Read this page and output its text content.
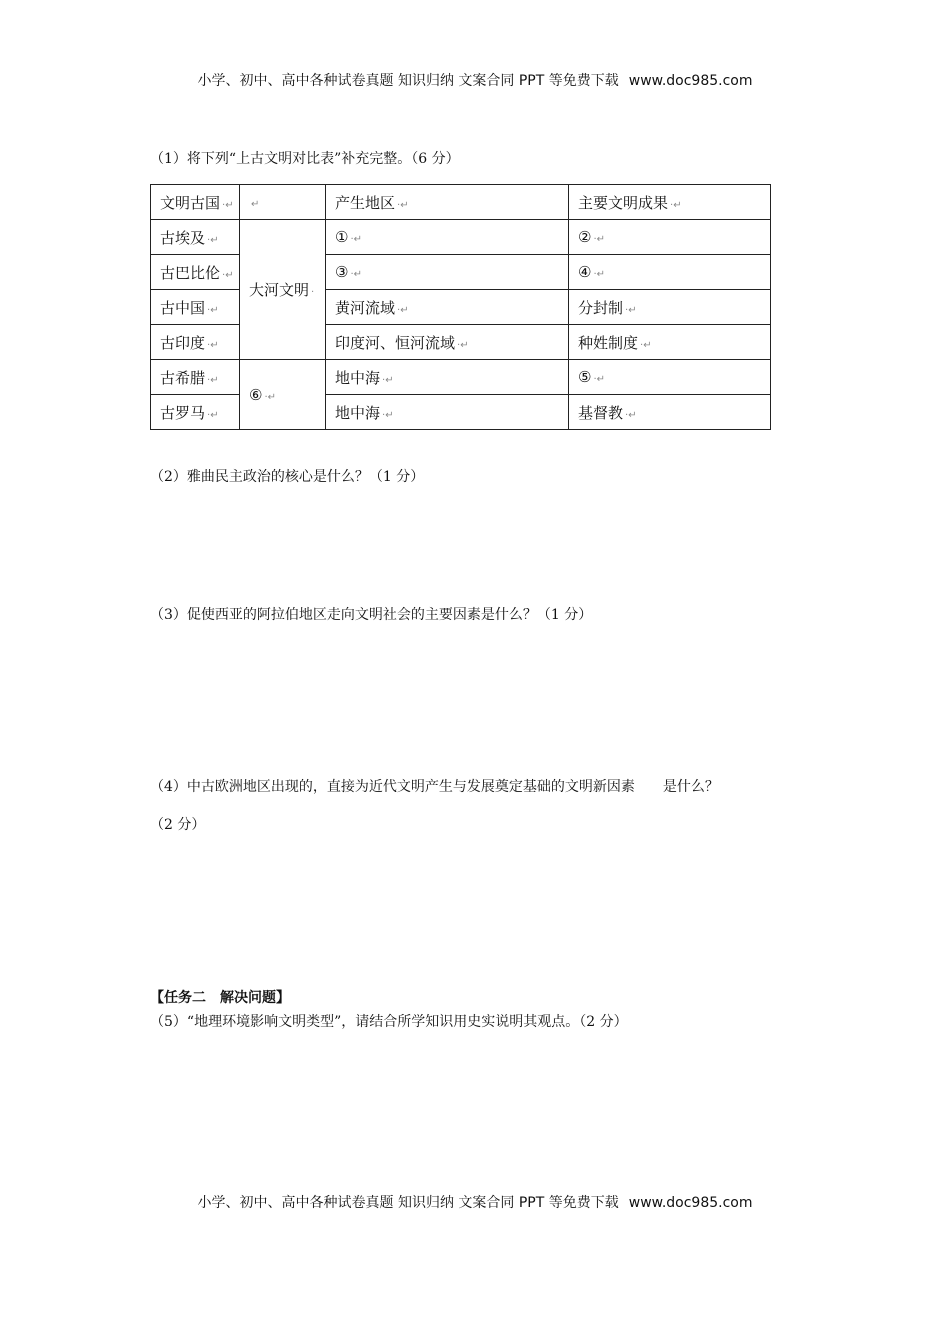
小学、初中、高中各种试卷真题 知识归纳 文案合同 PPT 等免费下载 www.doc985.com
（1）将下列“上古文明对比表”补充完整。（6 分）
文明古国 ·↵	↵	产生地区 ·↵	主要文明成果 ·↵
古埃及 ·↵	大河文明 ·	① ·↵	② ·↵
古巴比伦 ·↵		③ ·↵	④ ·↵
古中国 ·↵		黄河流域 ·↵	分封制 ·↵
古印度 ·↵		印度河、恒河流域 ·↵	种姓制度 ·↵
古希腊 ·↵	⑥ ·↵	地中海 ·↵	⑤ ·↵
古罗马 ·↵		地中海 ·↵	基督教 ·↵
（2）雅曲民主政治的核心是什么？（1 分）
（3）促使西亚的阿拉伯地区走向文明社会的主要因素是什么？（1 分）
（4）中古欧洲地区出现的，直接为近代文明产生与发展奠定基础的文明新因素　　是什么？
（2 分）
【任务二　解决问题】
（5）“地理环境影响文明类型”，请结合所学知识用史实说明其观点。（2 分）
小学、初中、高中各种试卷真题 知识归纳 文案合同 PPT 等免费下载 www.doc985.com
